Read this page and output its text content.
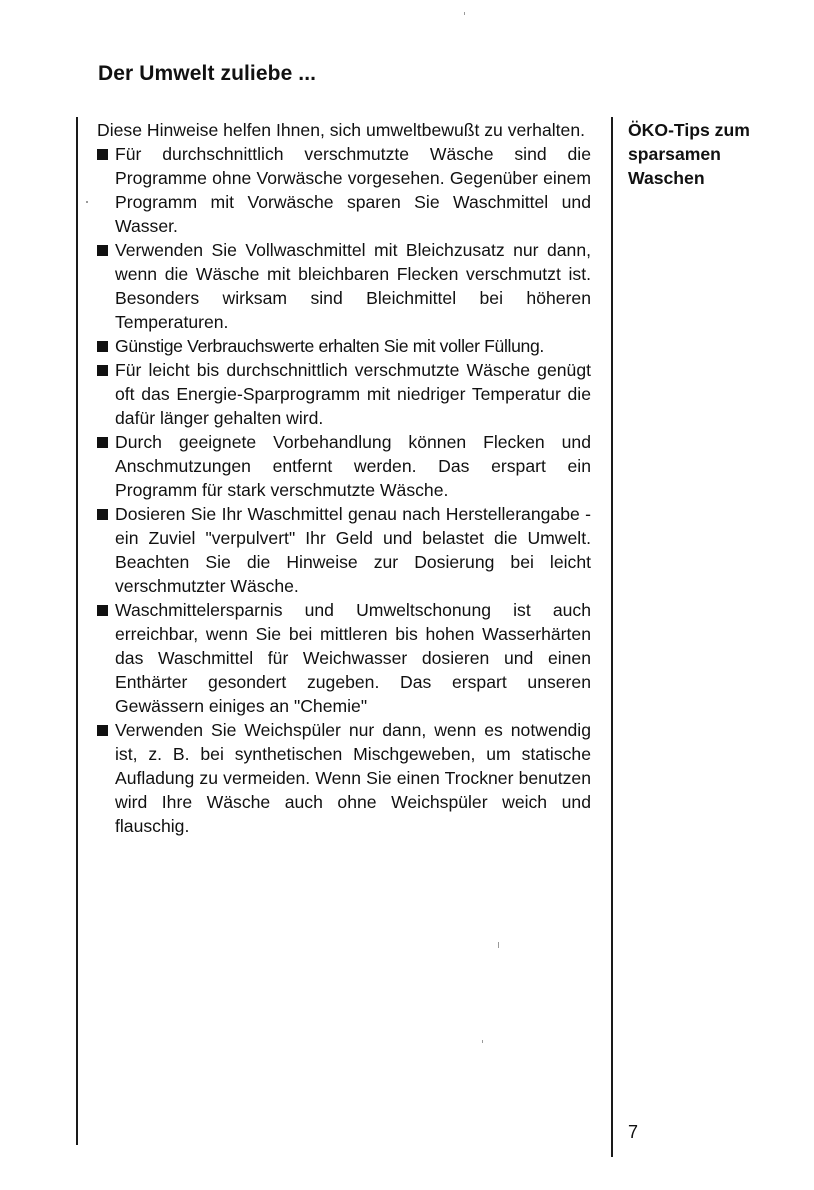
Der Umwelt zuliebe ...

Diese Hinweise helfen Ihnen, sich umweltbewußt zu verhalten.

Für durchschnittlich verschmutzte Wäsche sind die Programme ohne Vorwäsche vorgesehen. Gegenüber einem Programm mit Vorwäsche sparen Sie Waschmittel und Wasser.
Verwenden Sie Vollwaschmittel mit Bleichzusatz nur dann, wenn die Wäsche mit bleichbaren Flecken verschmutzt ist. Besonders wirksam sind Bleichmittel bei höheren Temperaturen.
Günstige Verbrauchswerte erhalten Sie mit voller Füllung.
Für leicht bis durchschnittlich verschmutzte Wäsche genügt oft das Energie-Sparprogramm mit niedriger Temperatur die dafür länger gehalten wird.
Durch geeignete Vorbehandlung können Flecken und Anschmutzungen entfernt werden. Das erspart ein Programm für stark verschmutzte Wäsche.
Dosieren Sie Ihr Waschmittel genau nach Herstellerangabe - ein Zuviel "verpulvert" Ihr Geld und belastet die Umwelt. Beachten Sie die Hinweise zur Dosierung bei leicht verschmutzter Wäsche.
Waschmittelersparnis und Umweltschonung ist auch erreichbar, wenn Sie bei mittleren bis hohen Wasserhärten das Waschmittel für Weichwasser dosieren und einen Enthärter gesondert zugeben. Das erspart unseren Gewässern einiges an "Chemie"
Verwenden Sie Weichspüler nur dann, wenn es notwendig ist, z. B. bei synthetischen Mischgeweben, um statische Aufladung zu vermeiden. Wenn Sie einen Trockner benutzen wird Ihre Wäsche auch ohne Weichspüler weich und flauschig.

ÖKO-Tips zum sparsamen Waschen

7
